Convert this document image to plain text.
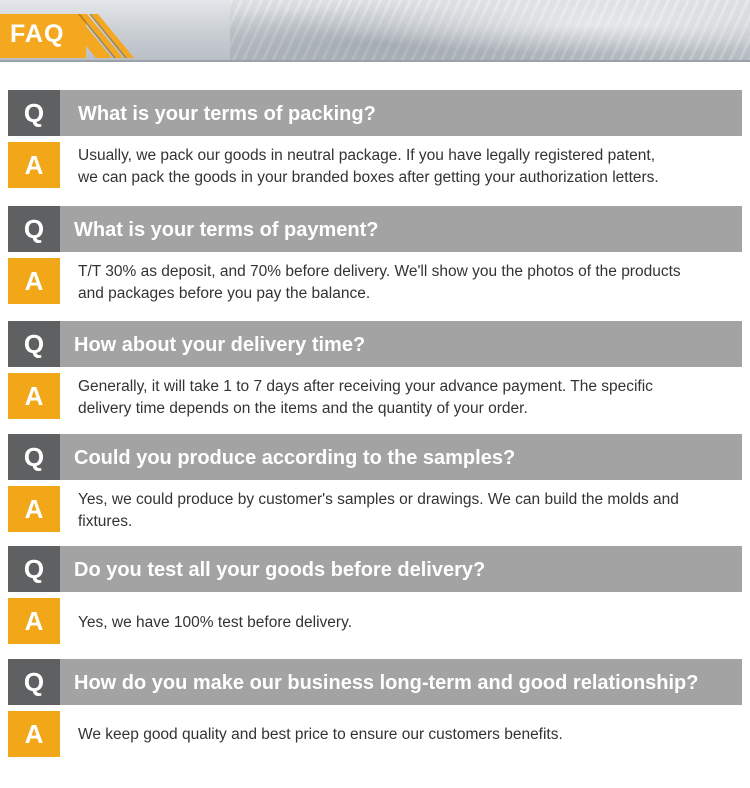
FAQ
Q	What is your terms of packing?
A	Usually, we pack our goods in neutral package. If you have legally registered patent,
we can pack the goods in your branded boxes after getting your authorization letters.
Q	What is your terms of payment?
A	T/T 30% as deposit, and 70% before delivery. We'll show you the photos of the products
and packages before you pay the balance.
Q	How about your delivery time?
A	Generally, it will take 1 to 7 days after receiving your advance payment. The specific
delivery time depends on the items and the quantity of your order.
Q	Could you produce according to the samples?
A	Yes, we could produce by customer's samples or drawings. We can build the molds and
fixtures.
Q	Do you test all your goods before delivery?
A	Yes, we have 100% test before delivery.
Q	How do you make our business long-term and good relationship?
A	We keep good quality and best price to ensure our customers benefits.
